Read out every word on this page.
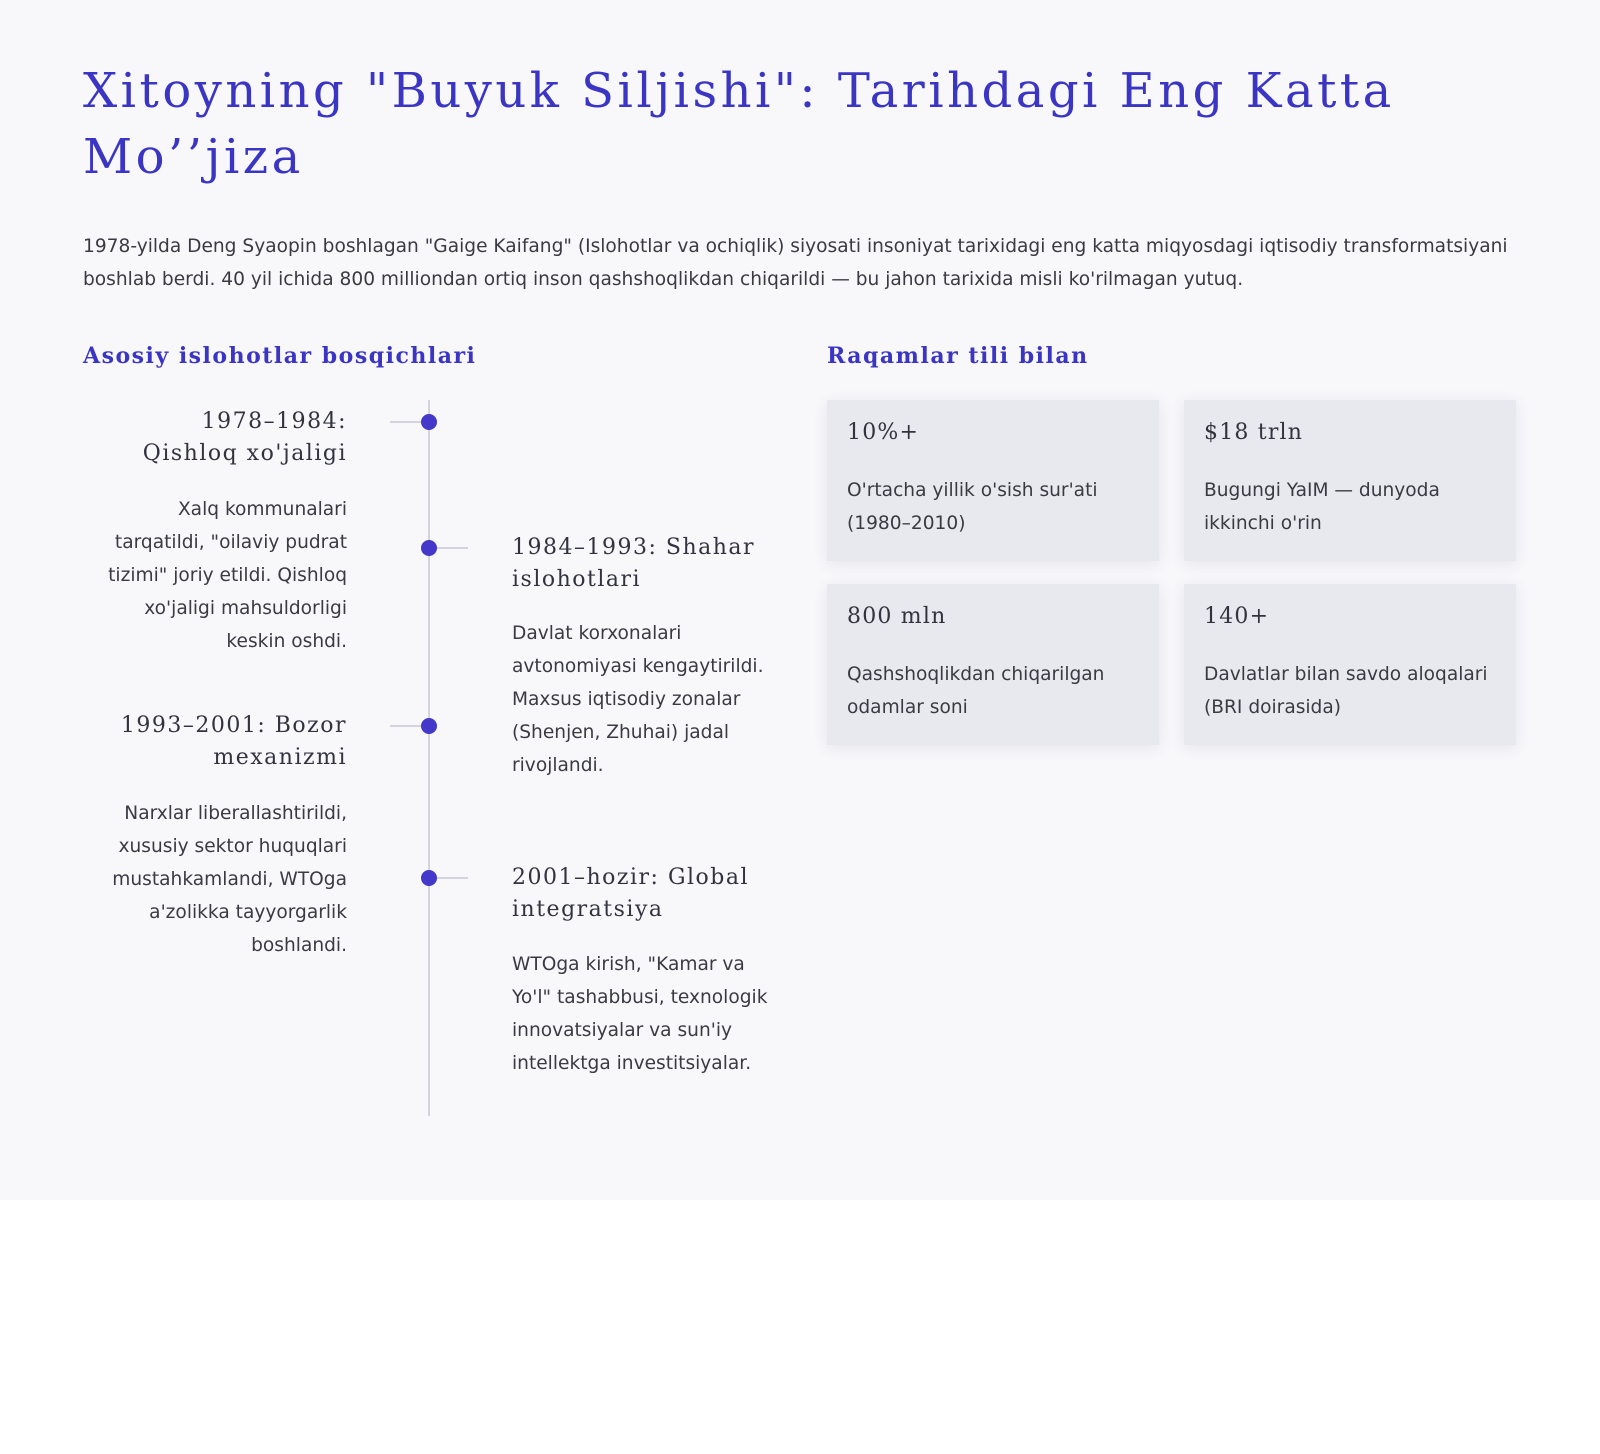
Xitoyning "Buyuk Siljishi": Tarihdagi Eng Katta Mo’’jiza

1978-yilda Deng Syaopin boshlagan "Gaige Kaifang" (Islohotlar va ochiqlik) siyosati insoniyat tarixidagi eng katta miqyosdagi iqtisodiy transformatsiyani boshlab berdi. 40 yil ichida 800 milliondan ortiq inson qashshoqlikdan chiqarildi — bu jahon tarixida misli ko'rilmagan yutuq.

Asosiy islohotlar bosqichlari
1978–1984: Qishloq xo'jaligi
Xalq kommunalari tarqatildi, "oilaviy pudrat tizimi" joriy etildi. Qishloq xo'jaligi mahsuldorligi keskin oshdi.
1984–1993: Shahar islohotlari
Davlat korxonalari avtonomiyasi kengaytirildi. Maxsus iqtisodiy zonalar (Shenjen, Zhuhai) jadal rivojlandi.
1993–2001: Bozor mexanizmi
Narxlar liberallashtirildi, xususiy sektor huquqlari mustahkamlandi, WTOga a'zolikka tayyorgarlik boshlandi.
2001–hozir: Global integratsiya
WTOga kirish, "Kamar va Yo'l" tashabbusi, texnologik innovatsiyalar va sun'iy intellektga investitsiyalar.
Raqamlar tili bilan
10%+
O'rtacha yillik o'sish sur'ati (1980–2010)
$18 trln
Bugungi YaIM — dunyoda ikkinchi o'rin
800 mln
Qashshoqlikdan chiqarilgan odamlar soni
140+
Davlatlar bilan savdo aloqalari (BRI doirasida)
